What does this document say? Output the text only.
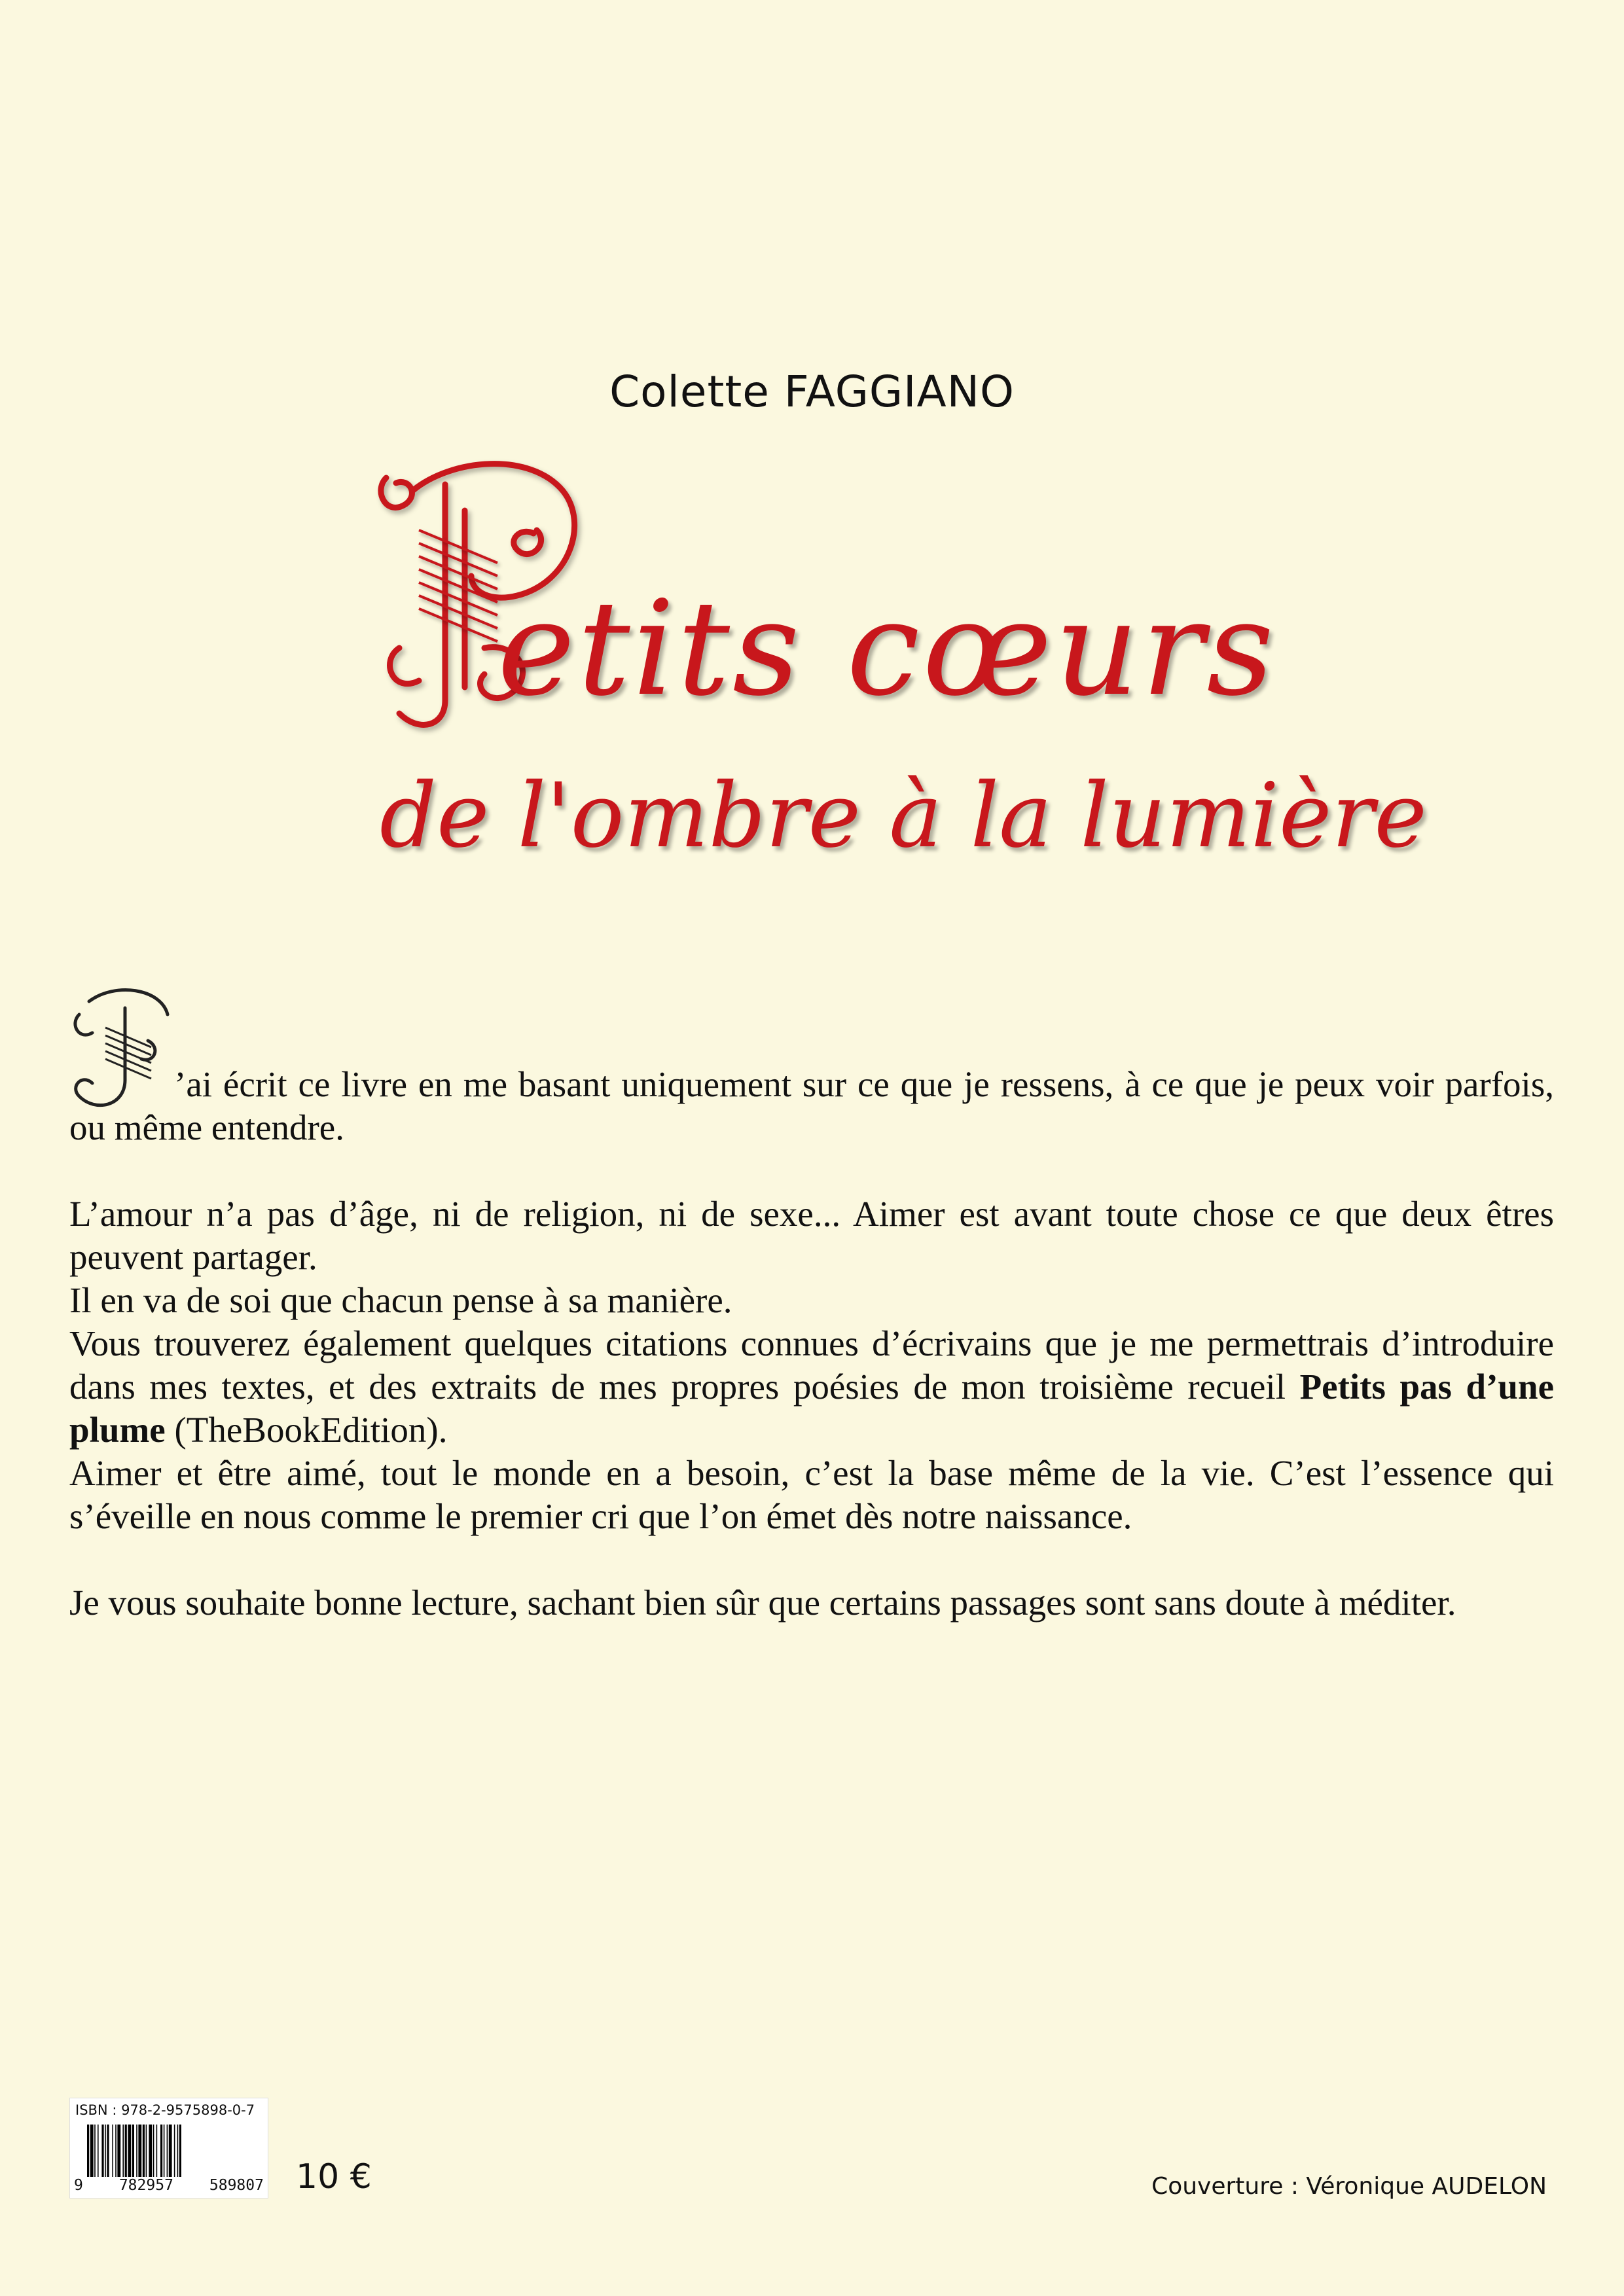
Colette FAGGIANO
etits cœurs
de l'ombre à la lumière

’ai écrit ce livre en me basant uniquement sur ce que je ressens, à ce que je peux voir parfois, ou même entendre.

L’amour n’a pas d’âge, ni de religion, ni de sexe... Aimer est avant toute chose ce que deux êtres peuvent partager.

Il en va de soi que chacun pense à sa manière.

Vous trouverez également quelques citations connues d’écrivains que je me permettrais d’introduire dans mes textes, et des extraits de mes propres poésies de mon troisième recueil Petits pas d’une plume (TheBookEdition).

Aimer et être aimé, tout le monde en a besoin, c’est la base même de la vie. C’est l’essence qui s’éveille en nous comme le premier cri que l’on émet dès notre naissance.

Je vous souhaite bonne lecture, sachant bien sûr que certains passages sont sans doute à méditer.

ISBN : 978-2-9575898-0-7
9 782957 589807 10 €	Couverture : Véronique AUDELON
